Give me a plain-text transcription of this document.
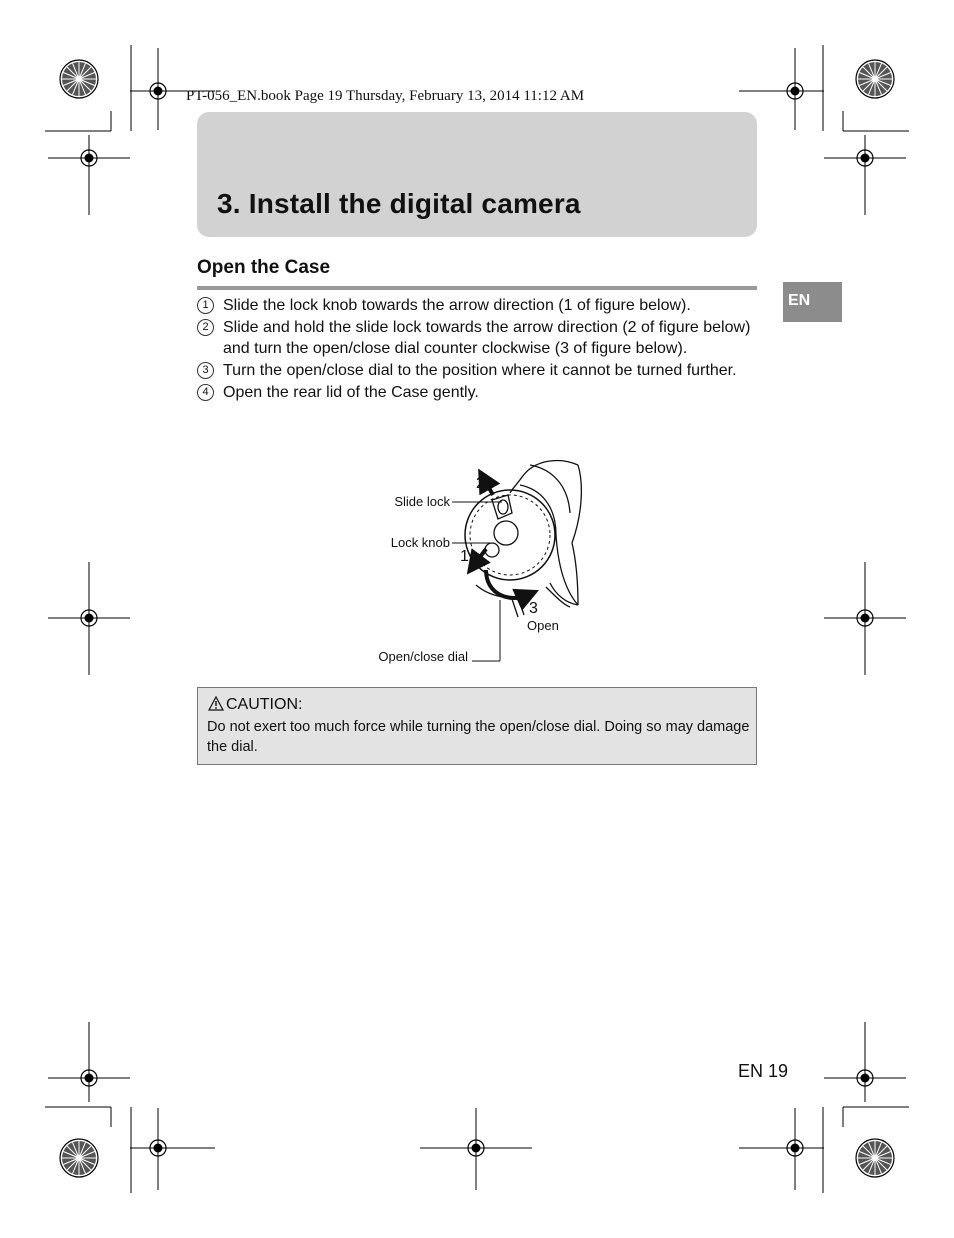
PT-056_EN.book Page 19 Thursday, February 13, 2014 11:12 AM
3. Install the digital camera
Open the Case
EN
1 Slide the lock knob towards the arrow direction (1 of figure below).
2 Slide and hold the slide lock towards the arrow direction (2 of figure below) and turn the open/close dial counter clockwise (3 of figure below).
3 Turn the open/close dial to the position where it cannot be turned further.
4 Open the rear lid of the Case gently.
Slide lock
Lock knob
Open/close dial
Open
2
1
3
CAUTION:
Do not exert too much force while turning the open/close dial. Doing so may damage the dial.
EN 19
